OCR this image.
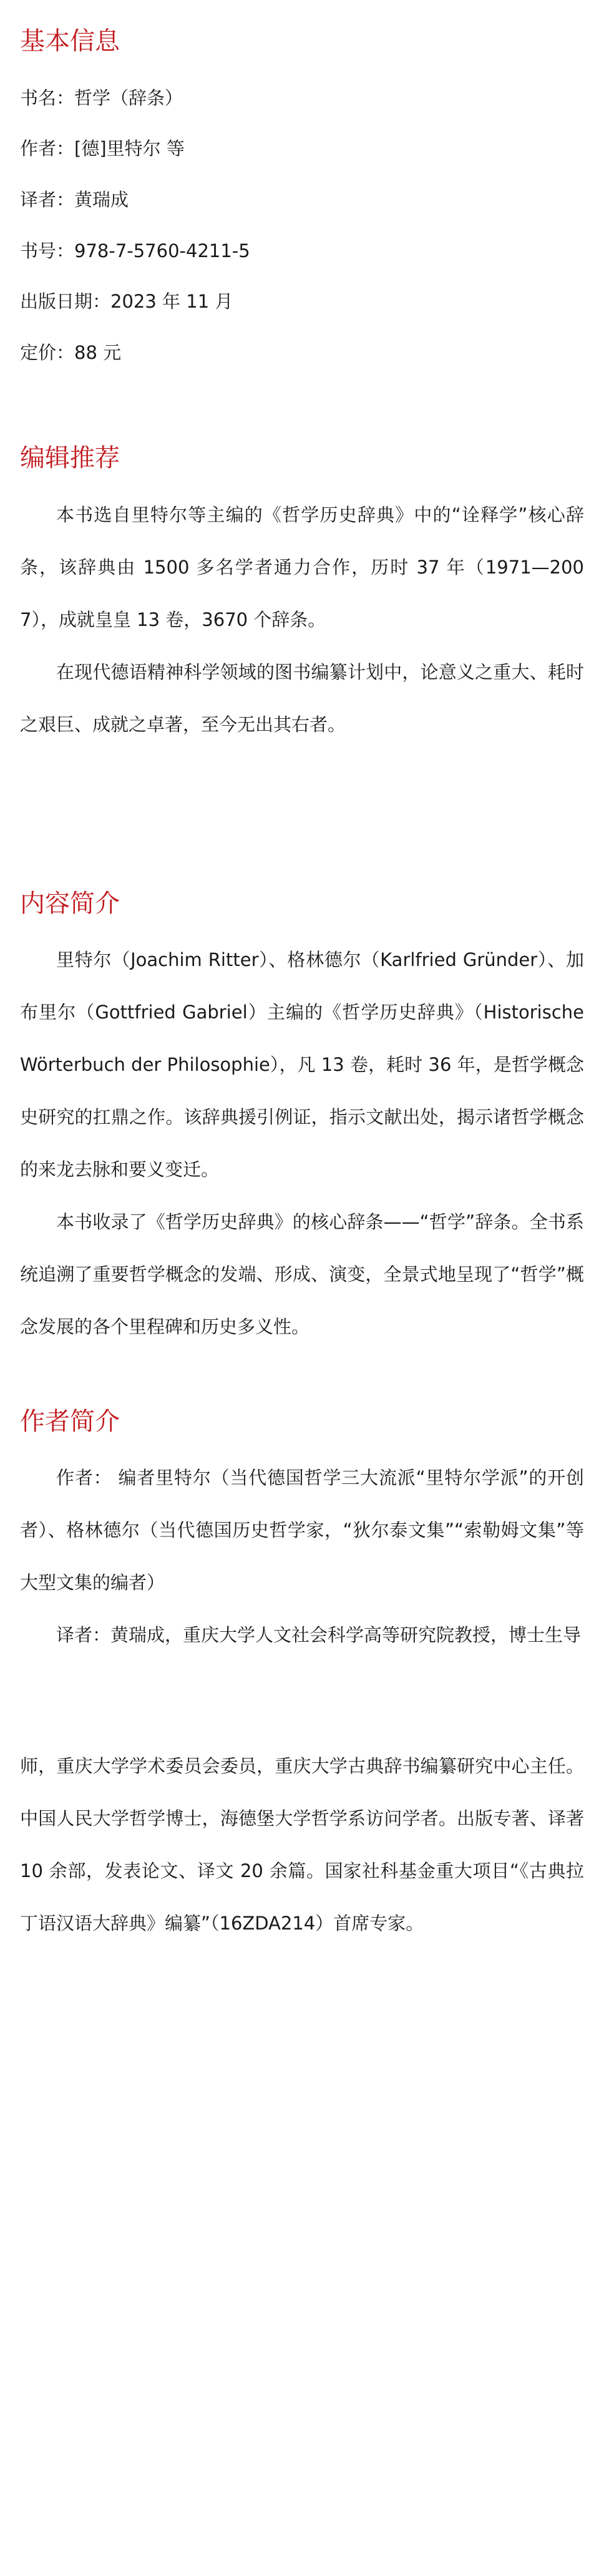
基本信息

书名：哲学（辞条）

作者：[德]里特尔 等

译者：黄瑞成

书号：978-7-5760-4211-5

出版日期：2023 年 11 月

定价：88 元

编辑推荐

本书选自里特尔等主编的《哲学历史辞典》中的“诠释学”核心辞条，该辞典由 1500 多名学者通力合作，历时 37 年（1971—2007），成就皇皇 13 卷，3670 个辞条。

在现代德语精神科学领域的图书编纂计划中，论意义之重大、耗时之艰巨、成就之卓著，至今无出其右者。

内容简介

里特尔（Joachim Ritter）、格林德尔（Karlfried Gründer）、加布里尔（Gottfried Gabriel）主编的《哲学历史辞典》（Historische Wörterbuch der Philosophie），凡 13 卷，耗时 36 年，是哲学概念史研究的扛鼎之作。该辞典援引例证，指示文献出处，揭示诸哲学概念的来龙去脉和要义变迁。

本书收录了《哲学历史辞典》的核心辞条——“哲学”辞条。全书系统追溯了重要哲学概念的发端、形成、演变，全景式地呈现了“哲学”概念发展的各个里程碑和历史多义性。

作者简介

作者： 编者里特尔（当代德国哲学三大流派“里特尔学派”的开创者）、格林德尔（当代德国历史哲学家，“狄尔泰文集”“索勒姆文集”等大型文集的编者）

译者：黄瑞成，重庆大学人文社会科学高等研究院教授，博士生导

师，重庆大学学术委员会委员，重庆大学古典辞书编纂研究中心主任。中国人民大学哲学博士，海德堡大学哲学系访问学者。出版专著、译著 10 余部，发表论文、译文 20 余篇。国家社科基金重大项目“《古典拉丁语汉语大辞典》编纂”（16ZDA214）首席专家。
